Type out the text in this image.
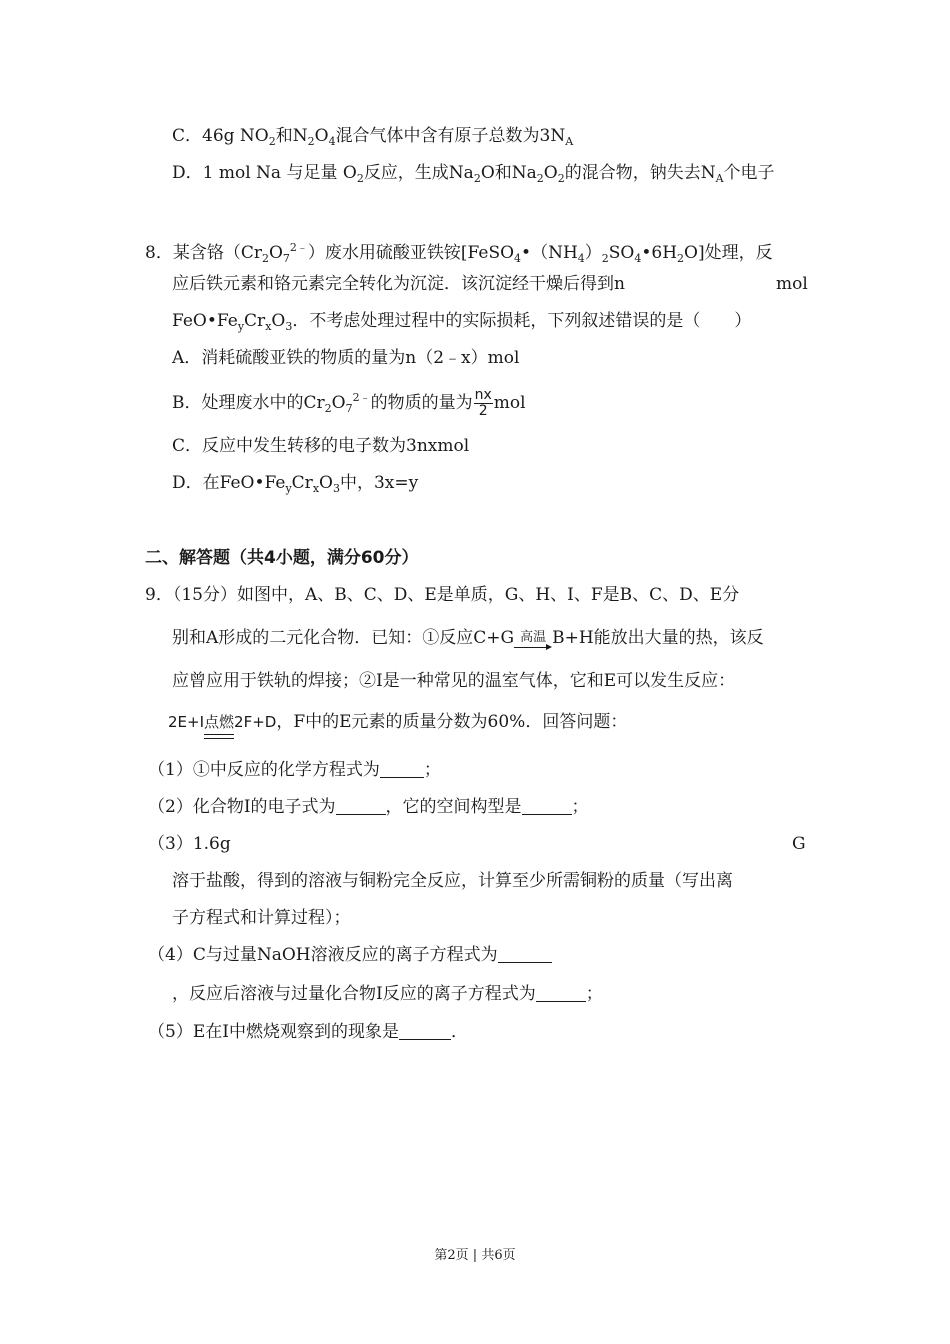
C．46g $NO_2$和$N_2O_4$混合气体中含有原子总数为$3N_A$
D．1 mol Na 与足量 $O_2$反应，生成$Na_2O$和$Na_2O_2$的混合物，钠失去$N_A$个电子
8．某含铬$(Cr_2O_7^{2﹣})$废水用硫酸亚铁铵$[FeSO_4•(NH_4)_2SO_4•6H_2O]$处理，反
应后铁元素和铬元素完全转化为沉淀．该沉淀经干燥后得到n	mol
$FeO•Fe_yCr_xO_3$．不考虑处理过程中的实际损耗，下列叙述错误的是（　　）
A．消耗硫酸亚铁的物质的量为n（2﹣x）mol
B．处理废水中的$Cr_2O_7^{2﹣}$的物质的量为 $\frac{nx}{2}$ mol
C．反应中发生转移的电子数为3nxmol
D．在$FeO•Fe_yCr_xO_3$中，3x=y
二、解答题（共4小题，满分60分）
9．（15分）如图中，A、B、C、D、E是单质，G、H、I、F是B、C、D、E分
别和A形成的二元化合物．已知：①反应C+G 高温 B+H能放出大量的热，该反
应曾应用于铁轨的焊接；②I是一种常见的温室气体，它和E可以发生反应：
2E+I点燃2F+D，F中的E元素的质量分数为60%．回答问题：
（1）①中反应的化学方程式为	；
（2）化合物I的电子式为	，它的空间构型是	；
（3）1.6g	G
溶于盐酸，得到的溶液与铜粉完全反应，计算至少所需铜粉的质量（写出离
子方程式和计算过程）；
（4）C与过量NaOH溶液反应的离子方程式为
，反应后溶液与过量化合物I反应的离子方程式为	；
（5）E在I中燃烧观察到的现象是	．
第2页 | 共6页
